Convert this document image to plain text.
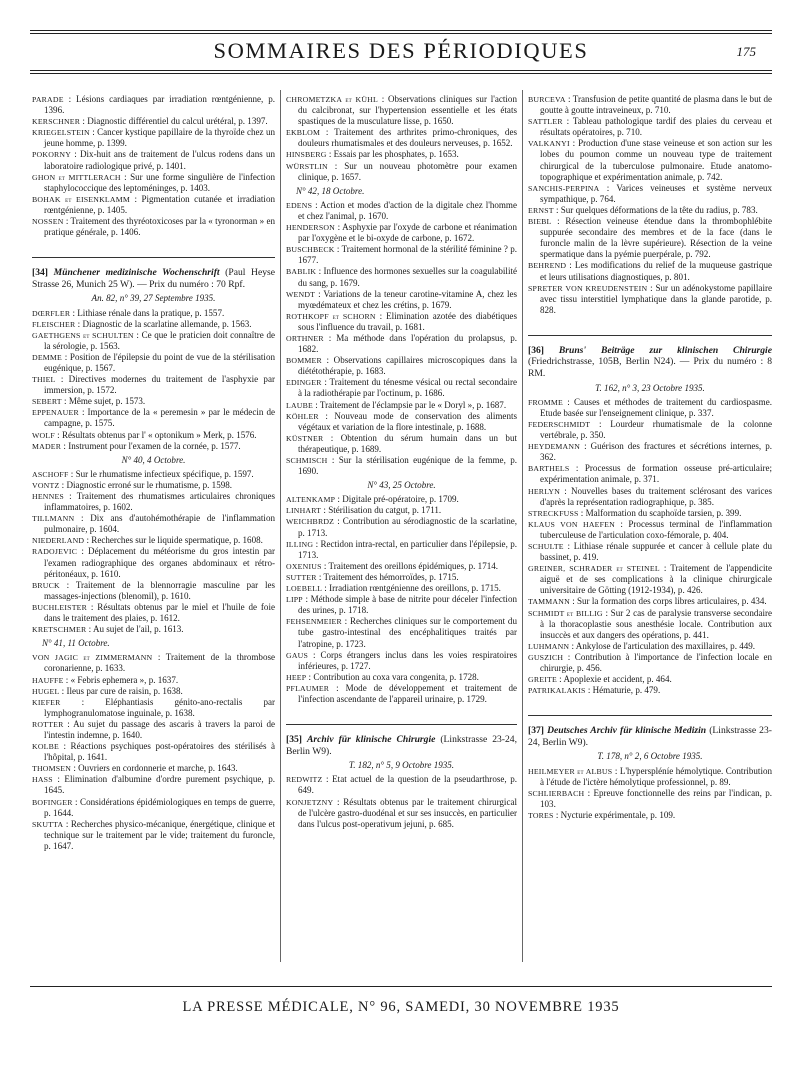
SOMMAIRES DES PÉRIODIQUES	175

PARADE : Lésions cardiaques par irradiation rœntgénienne, p. 1396.

KERSCHNER : Diagnostic différentiel du calcul urétéral, p. 1397.

KRIEGELSTEIN : Cancer kystique papillaire de la thyroïde chez un jeune homme, p. 1399.

POKORNY : Dix-huit ans de traitement de l'ulcus rodens dans un laboratoire radiologique privé, p. 1401.

GHON et MITTLERACH : Sur une forme singulière de l'infection staphylococcique des leptoméninges, p. 1403.

BOHAK et EISENKLAMM : Pigmentation cutanée et irradiation rœntgénienne, p. 1405.

NOSSEN : Traitement des thyréotoxicoses par la « tyronorman » en pratique générale, p. 1406.

[34] Münchener medizinische Wochenschrift (Paul Heyse Strasse 26, Munich 25 W). — Prix du numéro : 70 Rpf.

An. 82, n° 39, 27 Septembre 1935.

DŒRFLER : Lithiase rénale dans la pratique, p. 1557.

FLEISCHER : Diagnostic de la scarlatine allemande, p. 1563.

GAETHGENS et SCHULTEN : Ce que le praticien doit connaître de la sérologie, p. 1563.

DEMME : Position de l'épilepsie du point de vue de la stérilisation eugénique, p. 1567.

THIEL : Directives modernes du traitement de l'asphyxie par immersion, p. 1572.

SEBERT : Même sujet, p. 1573.

EPPENAUER : Importance de la « peremesin » par le médecin de campagne, p. 1575.

WOLF : Résultats obtenus par l' « optonikum » Merk, p. 1576.

MADER : Instrument pour l'examen de la cornée, p. 1577.

N° 40, 4 Octobre.

ASCHOFF : Sur le rhumatisme infectieux spécifique, p. 1597.

VONTZ : Diagnostic erroné sur le rhumatisme, p. 1598.

HENNES : Traitement des rhumatismes articulaires chroniques inflammatoires, p. 1602.

TILLMANN : Dix ans d'autohémothérapie de l'inflammation pulmonaire, p. 1604.

NIEDERLAND : Recherches sur le liquide spermatique, p. 1608.

RADOJEVIC : Déplacement du météorisme du gros intestin par l'examen radiographique des organes abdominaux et rétro-péritonéaux, p. 1610.

BRUCK : Traitement de la blennorragie masculine par les massages-injections (blenomil), p. 1610.

BUCHLEISTER : Résultats obtenus par le miel et l'huile de foie dans le traitement des plaies, p. 1612.

KRETSCHMER : Au sujet de l'ail, p. 1613.

N° 41, 11 Octobre.

VON JAGIC et ZIMMERMANN : Traitement de la thrombose coronarienne, p. 1633.

HAUFFE : « Febris ephemera », p. 1637.

HUGEL : Ileus par cure de raisin, p. 1638.

KIEFER : Eléphantiasis génito-ano-rectalis par lymphogranulomatose inguinale, p. 1638.

ROTTER : Au sujet du passage des ascaris à travers la paroi de l'intestin indemne, p. 1640.

KOLBE : Réactions psychiques post-opératoires des stérilisés à l'hôpital, p. 1641.

THOMSEN : Ouvriers en cordonnerie et marche, p. 1643.

HASS : Elimination d'albumine d'ordre purement psychique, p. 1645.

BOFINGER : Considérations épidémiologiques en temps de guerre, p. 1644.

SKUTTA : Recherches physico-mécanique, énergétique, clinique et technique sur le traitement par le vide; traitement du furoncle, p. 1647.

CHROMETZKA et KÜHL : Observations cliniques sur l'action du calcibronat, sur l'hypertension essentielle et les états spastiques de la musculature lisse, p. 1650.

EKBLOM : Traitement des arthrites primo-chroniques, des douleurs rhumatismales et des douleurs nerveuses, p. 1652.

HINSBERG : Essais par les phosphates, p. 1653.

WÜRSTLIN : Sur un nouveau photomètre pour examen clinique, p. 1657.

N° 42, 18 Octobre.

EDENS : Action et modes d'action de la digitale chez l'homme et chez l'animal, p. 1670.

HENDERSON : Asphyxie par l'oxyde de carbone et réanimation par l'oxygène et le bi-oxyde de carbone, p. 1672.

BUSCHBECK : Traitement hormonal de la stérilité féminine ? p. 1677.

BABLIK : Influence des hormones sexuelles sur la coagulabilité du sang, p. 1679.

WENDT : Variations de la teneur carotine-vitamine A, chez les myœdémateux et chez les crétins, p. 1679.

ROTHKOPF et SCHORN : Elimination azotée des diabétiques sous l'influence du travail, p. 1681.

ORTHNER : Ma méthode dans l'opération du prolapsus, p. 1682.

BOMMER : Observations capillaires microscopiques dans la diététothérapie, p. 1683.

EDINGER : Traitement du ténesme vésical ou rectal secondaire à la radiothérapie par l'octinum, p. 1686.

LAUBE : Traitement de l'éclampsie par le « Doryl », p. 1687.

KÖHLER : Nouveau mode de conservation des aliments végétaux et variation de la flore intestinale, p. 1688.

KÜSTNER : Obtention du sérum humain dans un but thérapeutique, p. 1689.

SCHMISCH : Sur la stérilisation eugénique de la femme, p. 1690.

N° 43, 25 Octobre.

ALTENKAMP : Digitale pré-opératoire, p. 1709.

LINHART : Stérilisation du catgut, p. 1711.

WEICHBRDZ : Contribution au sérodiagnostic de la scarlatine, p. 1713.

ILLING : Rectidon intra-rectal, en particulier dans l'épilepsie, p. 1713.

OXENIUS : Traitement des oreillons épidémiques, p. 1714.

SUTTER : Traitement des hémorroïdes, p. 1715.

LOEBELL : Irradiation rœntgénienne des oreillons, p. 1715.

LIPP : Méthode simple à base de nitrite pour déceler l'infection des urines, p. 1718.

FEHSENMEIER : Recherches cliniques sur le comportement du tube gastro-intestinal des encéphalitiques traités par l'atropine, p. 1723.

GAUS : Corps étrangers inclus dans les voies respiratoires inférieures, p. 1727.

HEEP : Contribution au coxa vara congenita, p. 1728.

PFLAUMER : Mode de développement et traitement de l'infection ascendante de l'appareil urinaire, p. 1729.

[35] Archiv für klinische Chirurgie (Linkstrasse 23-24, Berlin W9).

T. 182, n° 5, 9 Octobre 1935.

REDWITZ : Etat actuel de la question de la pseudarthrose, p. 649.

KONJETZNY : Résultats obtenus par le traitement chirurgical de l'ulcère gastro-duodénal et sur ses insuccès, en particulier dans l'ulcus post-operativum jejuni, p. 685.

BURCEVA : Transfusion de petite quantité de plasma dans le but de goutte à goutte intraveineux, p. 710.

SATTLER : Tableau pathologique tardif des plaies du cerveau et résultats opératoires, p. 710.

VALKANYI : Production d'une stase veineuse et son action sur les lobes du poumon comme un nouveau type de traitement chirurgical de la tuberculose pulmonaire. Etude anatomo-topographique et expérimentation animale, p. 742.

SANCHIS-PERPINA : Varices veineuses et système nerveux sympathique, p. 764.

ERNST : Sur quelques déformations de la tête du radius, p. 783.

BIEBL : Résection veineuse étendue dans la thrombophlébite suppurée secondaire des membres et de la face (dans le furoncle malin de la lèvre supérieure). Résection de la veine spermatique dans la pyémie puerpérale, p. 792.

BEHREND : Les modifications du relief de la muqueuse gastrique et leurs utilisations diagnostiques, p. 801.

SPRETER VON KREUDENSTEIN : Sur un adénokystome papillaire avec tissu interstitiel lymphatique dans la glande parotide, p. 828.

[36] Bruns' Beiträge zur klinischen Chirurgie (Friedrichstrasse, 105B, Berlin N24). — Prix du numéro : 8 RM.

T. 162, n° 3, 23 Octobre 1935.

FROMME : Causes et méthodes de traitement du cardiospasme. Etude basée sur l'enseignement clinique, p. 337.

FEDERSCHMIDT : Lourdeur rhumatismale de la colonne vertébrale, p. 350.

HEYDEMANN : Guérison des fractures et sécrétions internes, p. 362.

BARTHELS : Processus de formation osseuse pré-articulaire; expérimentation animale, p. 371.

HERLYN : Nouvelles bases du traitement sclérosant des varices d'après la représentation radiographique, p. 385.

STRECKFUSS : Malformation du scaphoïde tarsien, p. 399.

KLAUS VON HAEFEN : Processus terminal de l'inflammation tuberculeuse de l'articulation coxo-fémorale, p. 404.

SCHULTE : Lithiase rénale suppurée et cancer à cellule plate du bassinet, p. 419.

GREINER, SCHRADER et STEINEL : Traitement de l'appendicite aiguë et de ses complications à la clinique chirurgicale universitaire de Götting (1912-1934), p. 426.

TAMMANN : Sur la formation des corps libres articulaires, p. 434.

SCHMIDT et BILLIG : Sur 2 cas de paralysie transverse secondaire à la thoracoplastie sous anesthésie locale. Contribution aux insuccès et aux dangers des opérations, p. 441.

LUHMANN : Ankylose de l'articulation des maxillaires, p. 449.

GUSZICH : Contribution à l'importance de l'infection locale en chirurgie, p. 456.

GREITE : Apoplexie et accident, p. 464.

PATRIKALAKIS : Hématurie, p. 479.

[37] Deutsches Archiv für klinische Medizin (Linkstrasse 23-24, Berlin W9).

T. 178, n° 2, 6 Octobre 1935.

HEILMEYER et ALBUS : L'hyperspléníe hémolytique. Contribution à l'étude de l'ictère hémolytique professionnel, p. 89.

SCHLIERBACH : Epreuve fonctionnelle des reins par l'indican, p. 103.

TORES : Nycturie expérimentale, p. 109.

LA PRESSE MÉDICALE, N° 96, SAMEDI, 30 NOVEMBRE 1935
